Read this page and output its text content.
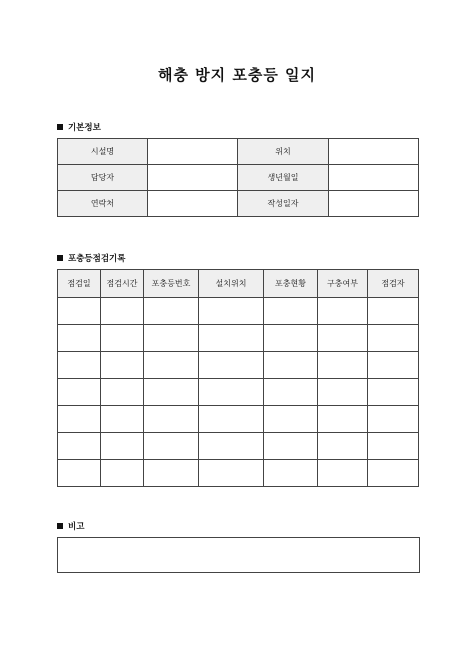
해충 방지 포충등 일지
기본정보
시설명		위치	
담당자		생년월일	
연락처		작성일자	
포충등점검기록
점검일	점검시간	포충등번호	설치위치	포충현황	구충여부	점검자

비고
